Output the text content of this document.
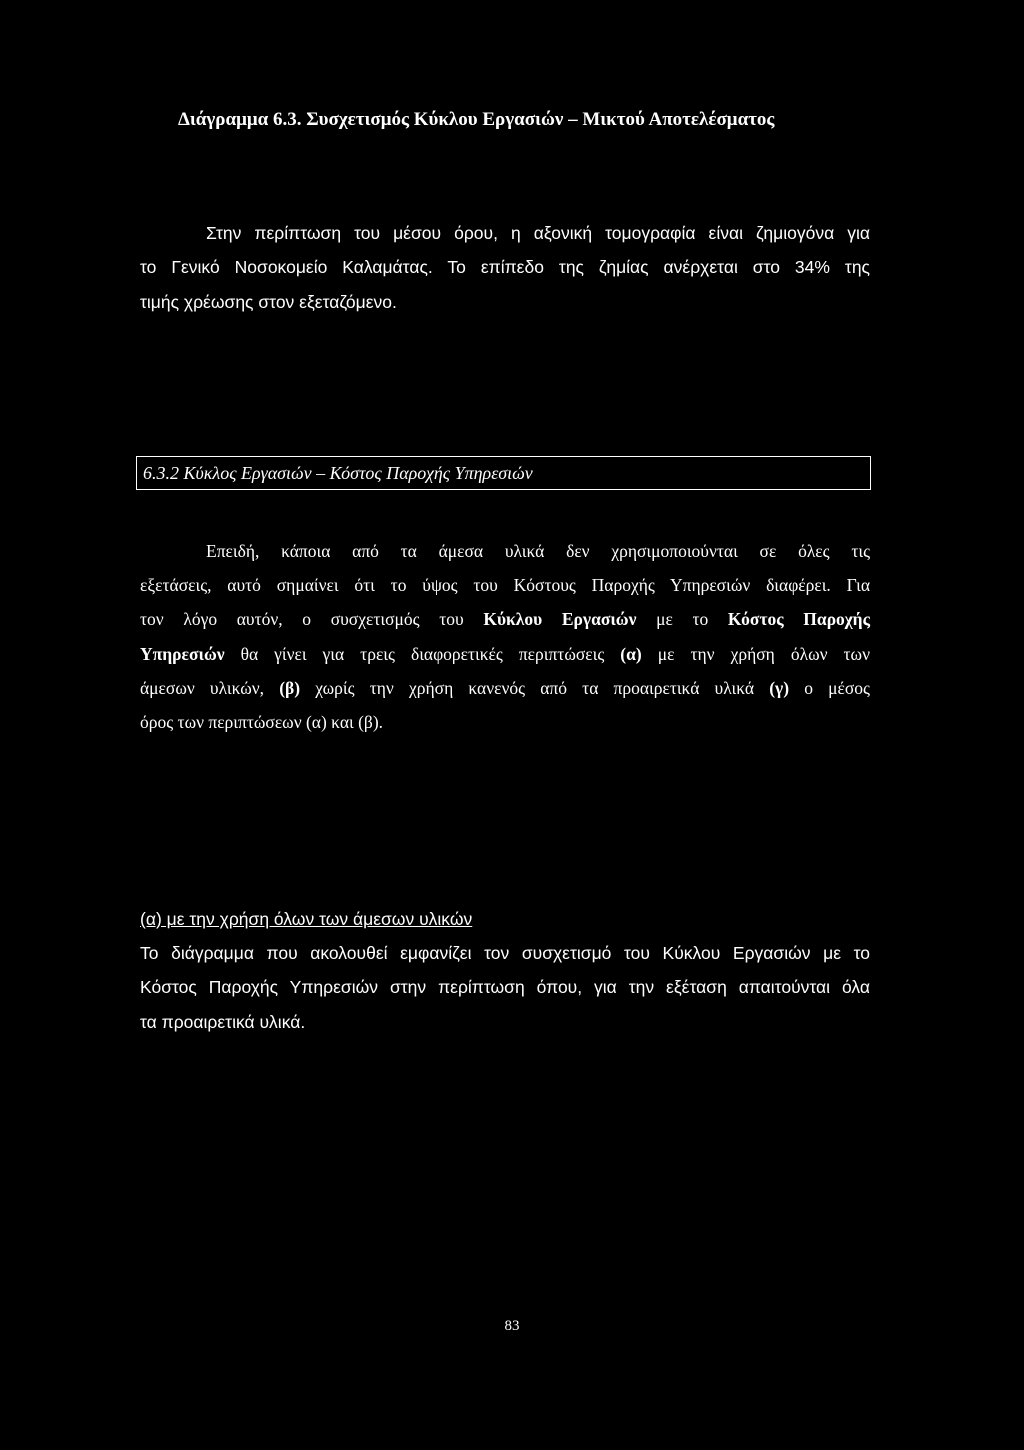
Διάγραμμα 6.3. Συσχετισμός Κύκλου Εργασιών – Μικτού Αποτελέσματος

Στην περίπτωση του μέσου όρου, η αξονική τομογραφία είναι ζημιογόνα για
το Γενικό Νοσοκομείο Καλαμάτας. Το επίπεδο της ζημίας ανέρχεται στο 34% της
τιμής χρέωσης στον εξεταζόμενο.

6.3.2 Κύκλος Εργασιών – Κόστος Παροχής Υπηρεσιών

Επειδή, κάποια από τα άμεσα υλικά δεν χρησιμοποιούνται σε όλες τις
εξετάσεις, αυτό σημαίνει ότι το ύψος του Κόστους Παροχής Υπηρεσιών διαφέρει. Για
τον λόγο αυτόν, ο συσχετισμός του Κύκλου Εργασιών με το Κόστος Παροχής
Υπηρεσιών θα γίνει για τρεις διαφορετικές περιπτώσεις (α) με την χρήση όλων των
άμεσων υλικών, (β) χωρίς την χρήση κανενός από τα προαιρετικά υλικά (γ) ο μέσος
όρος των περιπτώσεων (α) και (β).

(α) με την χρήση όλων των άμεσων υλικών

Το διάγραμμα που ακολουθεί εμφανίζει τον συσχετισμό του Κύκλου Εργασιών με το
Κόστος Παροχής Υπηρεσιών στην περίπτωση όπου, για την εξέταση απαιτούνται όλα
τα προαιρετικά υλικά.

83
